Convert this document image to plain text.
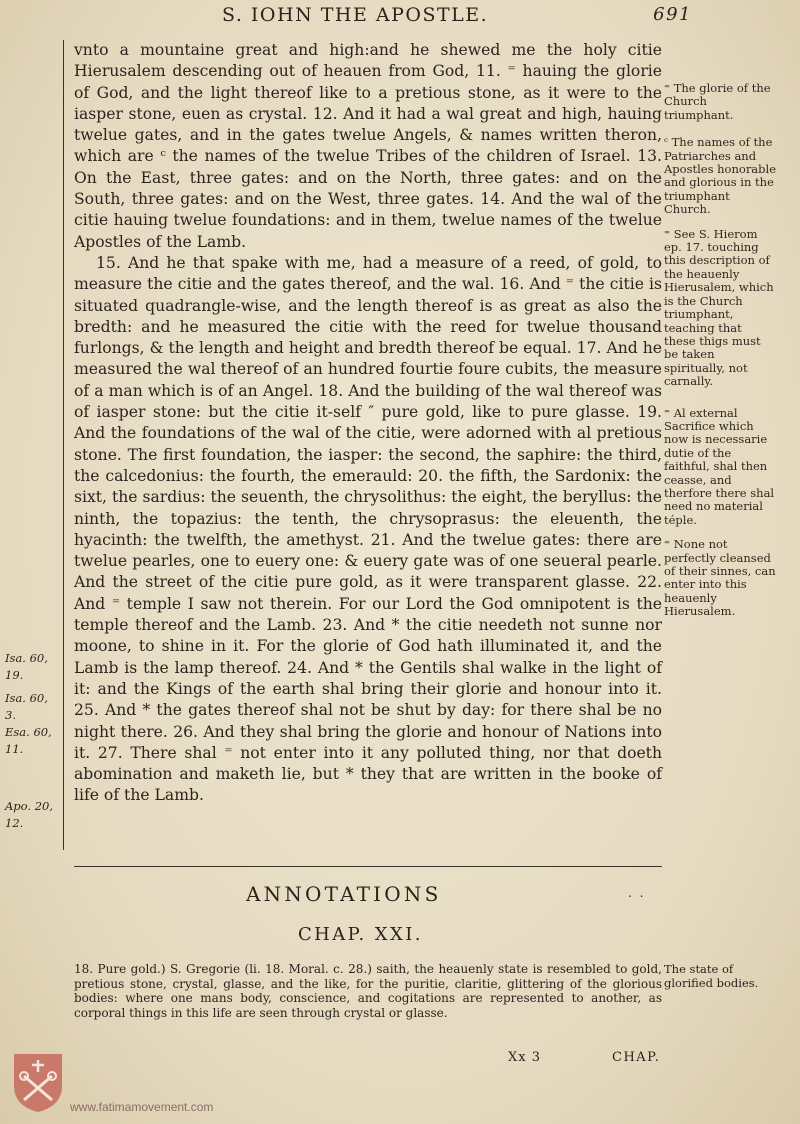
S. IOHN THE APOSTLE.	691

vnto a mountaine great and high:and he shewed me the holy citie Hierusalem descending out of heauen from God, 11. ⁼ hauing the glorie of God, and the light thereof like to a pretious stone, as it were to the iasper stone, euen as crystal. 12. And it had a wal great and high, hauing twelue gates, and in the gates twelue Angels, & names written theron, which are ᶜ the names of the twelue Tribes of the children of Israel. 13. On the East, three gates: and on the North, three gates: and on the South, three gates: and on the West, three gates. 14. And the wal of the citie hauing twelue foundations: and in them, twelue names of the twelue Apostles of the Lamb.

15. And he that spake with me, had a measure of a reed, of gold, to measure the citie and the gates thereof, and the wal. 16. And ⁼ the citie is situated quadrangle-wise, and the length thereof is as great as also the bredth: and he measured the citie with the reed for twelue thousand furlongs, & the length and height and bredth thereof be equal. 17. And he measured the wal thereof of an hundred fourtie foure cubits, the measure of a man which is of an Angel. 18. And the building of the wal thereof was of iasper stone: but the citie it-self ″ pure gold, like to pure glasse. 19. And the foundations of the wal of the citie, were adorned with al pretious stone. The first foundation, the iasper: the second, the saphire: the third, the calcedonius: the fourth, the emerauld: 20. the fifth, the Sardonix: the sixt, the sardius: the seuenth, the chrysolithus: the eight, the beryllus: the ninth, the topazius: the tenth, the chrysoprasus: the eleuenth, the hyacinth: the twelfth, the amethyst. 21. And the twelue gates: there are twelue pearles, one to euery one: & euery gate was of one seueral pearle. And the street of the citie pure gold, as it were transparent glasse. 22. And ⁼ temple I saw not therein. For our Lord the God omnipotent is the temple thereof and the Lamb. 23. And * the citie needeth not sunne nor moone, to shine in it. For the glorie of God hath illuminated it, and the Lamb is the lamp thereof. 24. And * the Gentils shal walke in the light of it: and the Kings of the earth shal bring their glorie and honour into it. 25. And * the gates thereof shal not be shut by day: for there shal be no night there. 26. And they shal bring the glorie and honour of Nations into it. 27. There shal ⁼ not enter into it any polluted thing, nor that doeth abomination and maketh lie, but * they that are written in the booke of life of the Lamb.

⁼ The glorie of the Church triumphant.
ᶜ The names of the Patriarches and Apostles honorable and glorious in the triumphant Church.
⁼ See S. Hierom ep. 17. touching this description of the heauenly Hierusalem, which is the Church triumphant, teaching that these thigs must be taken spiritually, not carnally.
⁼ Al external Sacrifice which now is necessarie dutie of the faithful, shal then ceasse, and therfore there shal need no material téple.
⁼ None not perfectly cleansed of their sinnes, can enter into this heauenly Hierusalem.
Isa. 60, 19.
Isa. 60, 3.
Esa. 60, 11.
Apo. 20, 12.
ANNOTATIONS	. .
CHAP. XXI.
18. Pure gold.) S. Gregorie (li. 18. Moral. c. 28.) saith, the heauenly state is resembled to gold, pretious stone, crystal, glasse, and the like, for the puritie, claritie, glittering of the glorious bodies: where one mans body, conscience, and cogitations are represented to another, as corporal things in this life are seen through crystal or glasse.
The state of glorified bodies.
Xx 3	CHAP.
www.fatimamovement.com
